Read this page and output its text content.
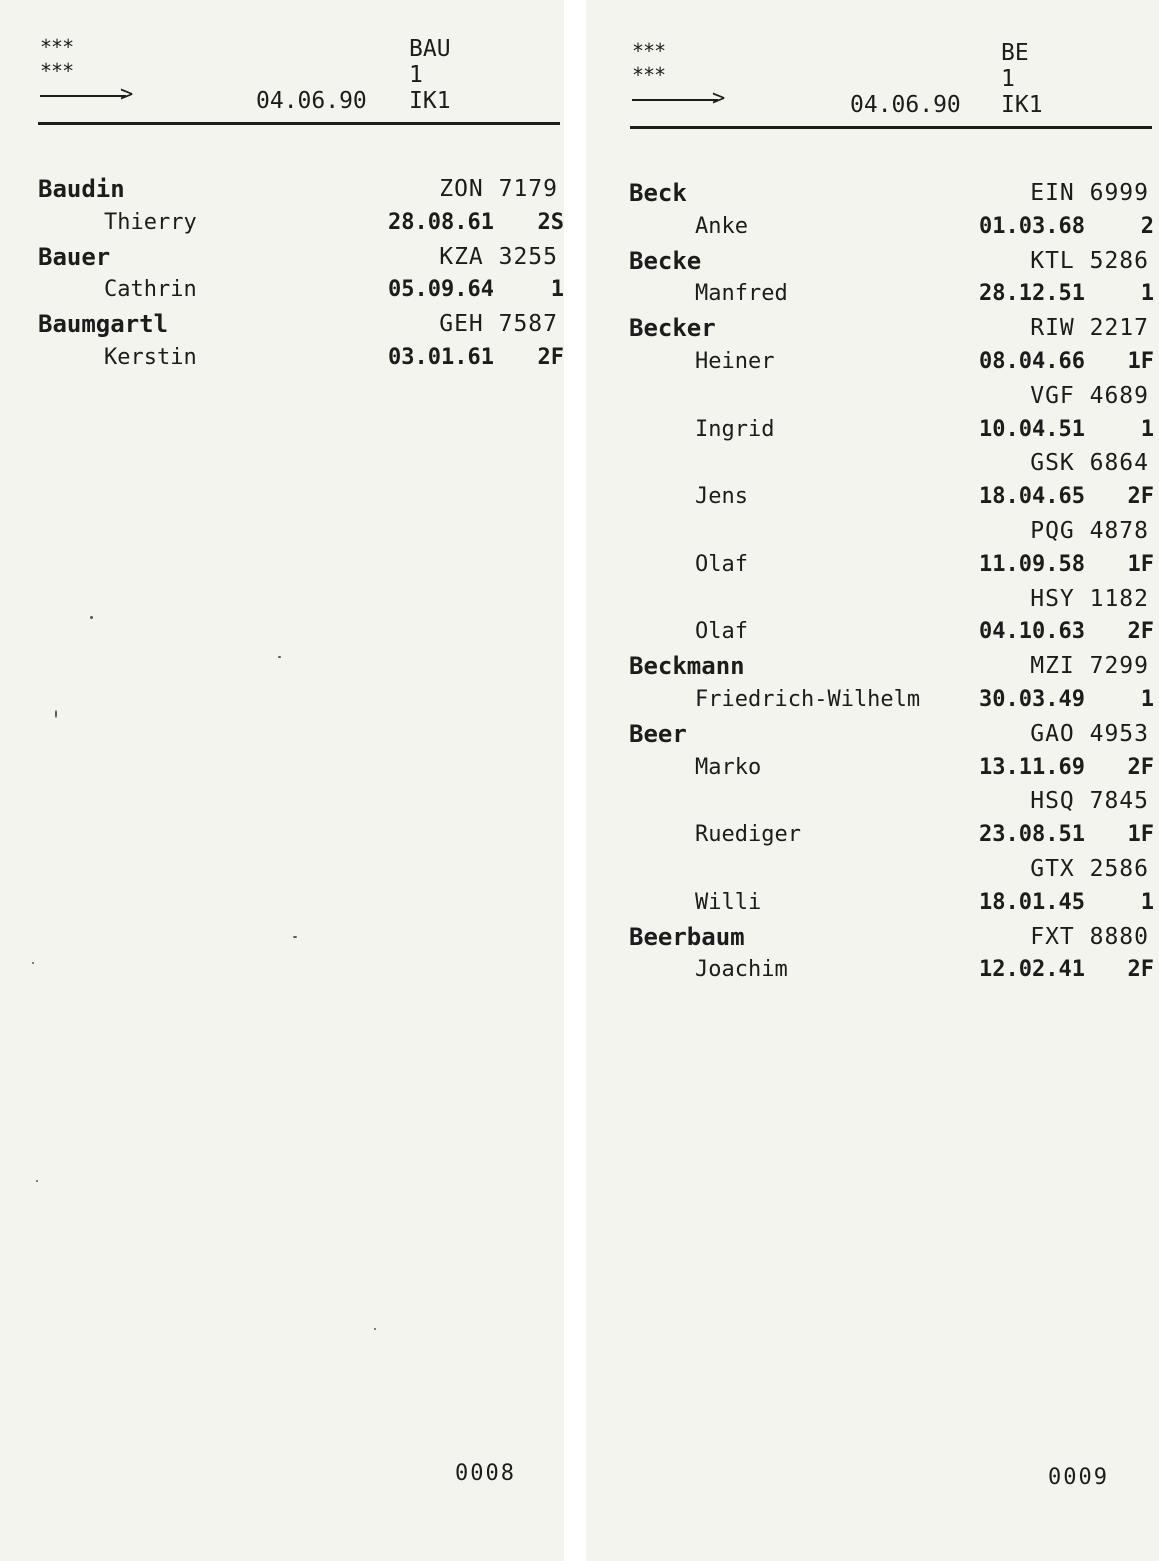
***
***
BAU
1
>	04.06.90 IK1
Baudin	ZON 7179
Thierry	28.08.61	2S
Bauer	KZA 3255
Cathrin	05.09.64	1
Baumgartl	GEH 7587
Kerstin	03.01.61	2F
0008
***
***
BE
1
>	04.06.90 IK1
Beck	EIN 6999
Anke	01.03.68	2
Becke	KTL 5286
Manfred	28.12.51	1
Becker	RIW 2217
Heiner	08.04.66	1F
VGF 4689
Ingrid	10.04.51	1
GSK 6864
Jens	18.04.65	2F
PQG 4878
Olaf	11.09.58	1F
HSY 1182
Olaf	04.10.63	2F
Beckmann	MZI 7299
Friedrich-Wilhelm	30.03.49	1
Beer	GAO 4953
Marko	13.11.69	2F
HSQ 7845
Ruediger	23.08.51	1F
GTX 2586
Willi	18.01.45	1
Beerbaum	FXT 8880
Joachim	12.02.41	2F
0009
